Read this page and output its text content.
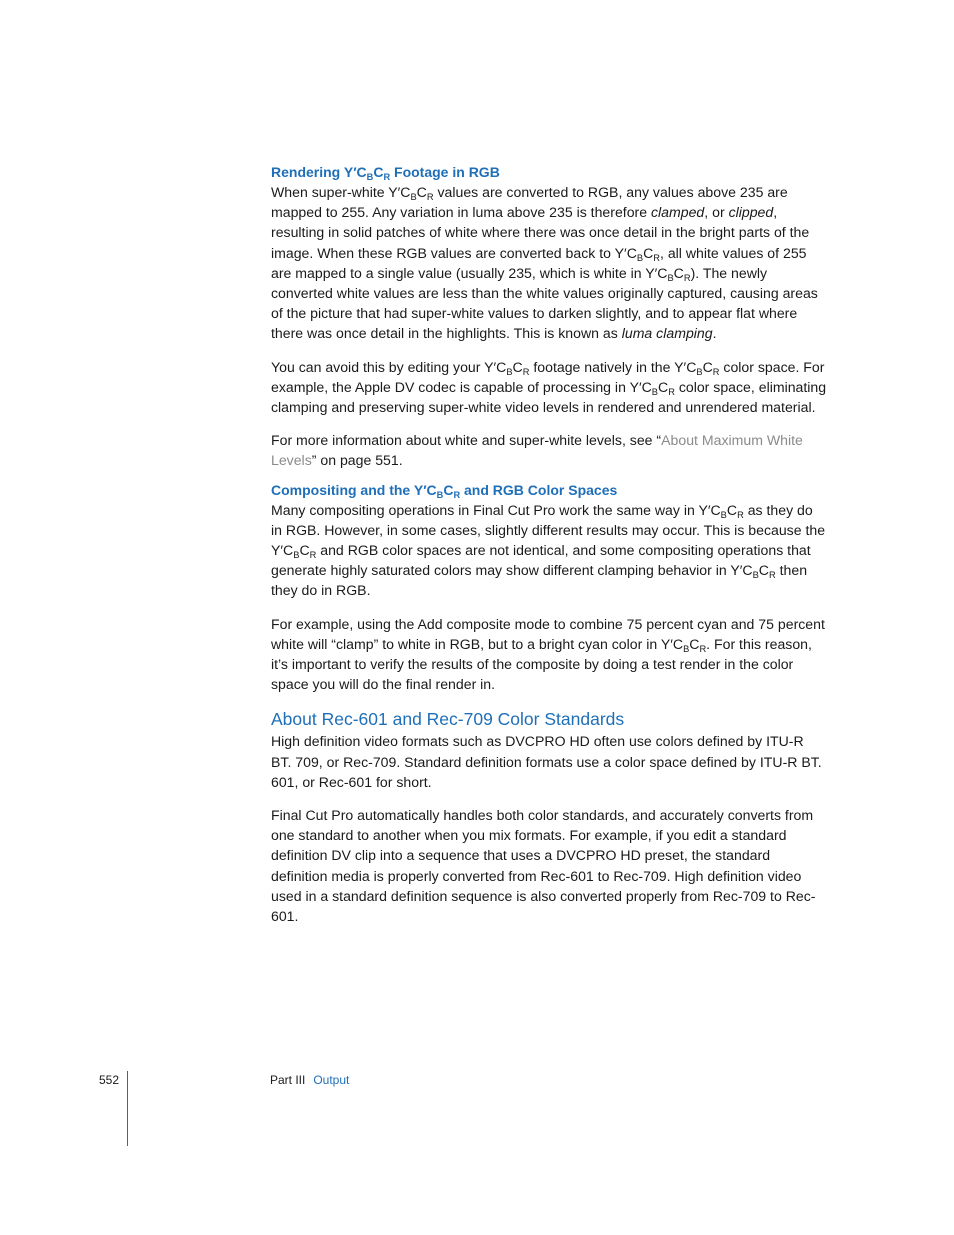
Rendering $Y'C_BC_R$ Footage in RGB

When super-white $Y'C_BC_R$ values are converted to RGB, any values above 235 are mapped to 255. Any variation in luma above 235 is therefore clamped, or clipped, resulting in solid patches of white where there was once detail in the bright parts of the image. When these RGB values are converted back to $Y'C_BC_R$, all white values of 255 are mapped to a single value (usually 235, which is white in $Y'C_BC_R$). The newly converted white values are less than the white values originally captured, causing areas of the picture that had super-white values to darken slightly, and to appear flat where there was once detail in the highlights. This is known as luma clamping.

You can avoid this by editing your $Y'C_BC_R$ footage natively in the $Y'C_BC_R$ color space. For example, the Apple DV codec is capable of processing in $Y'C_BC_R$ color space, eliminating clamping and preserving super-white video levels in rendered and unrendered material.

For more information about white and super-white levels, see “About Maximum White Levels” on page 551.

Compositing and the $Y'C_BC_R$ and RGB Color Spaces

Many compositing operations in Final Cut Pro work the same way in $Y'C_BC_R$ as they do in RGB. However, in some cases, slightly different results may occur. This is because the $Y'C_BC_R$ and RGB color spaces are not identical, and some compositing operations that generate highly saturated colors may show different clamping behavior in $Y'C_BC_R$ then they do in RGB.

For example, using the Add composite mode to combine 75 percent cyan and 75 percent white will “clamp” to white in RGB, but to a bright cyan color in $Y'C_BC_R$. For this reason, it’s important to verify the results of the composite by doing a test render in the color space you will do the final render in.

About Rec-601 and Rec-709 Color Standards

High definition video formats such as DVCPRO HD often use colors defined by ITU-R BT. 709, or Rec-709. Standard definition formats use a color space defined by ITU-R BT. 601, or Rec-601 for short.

Final Cut Pro automatically handles both color standards, and accurately converts from one standard to another when you mix formats. For example, if you edit a standard definition DV clip into a sequence that uses a DVCPRO HD preset, the standard definition media is properly converted from Rec-601 to Rec-709. High definition video used in a standard definition sequence is also converted properly from Rec-709 to Rec-601.

552	Part III Output
